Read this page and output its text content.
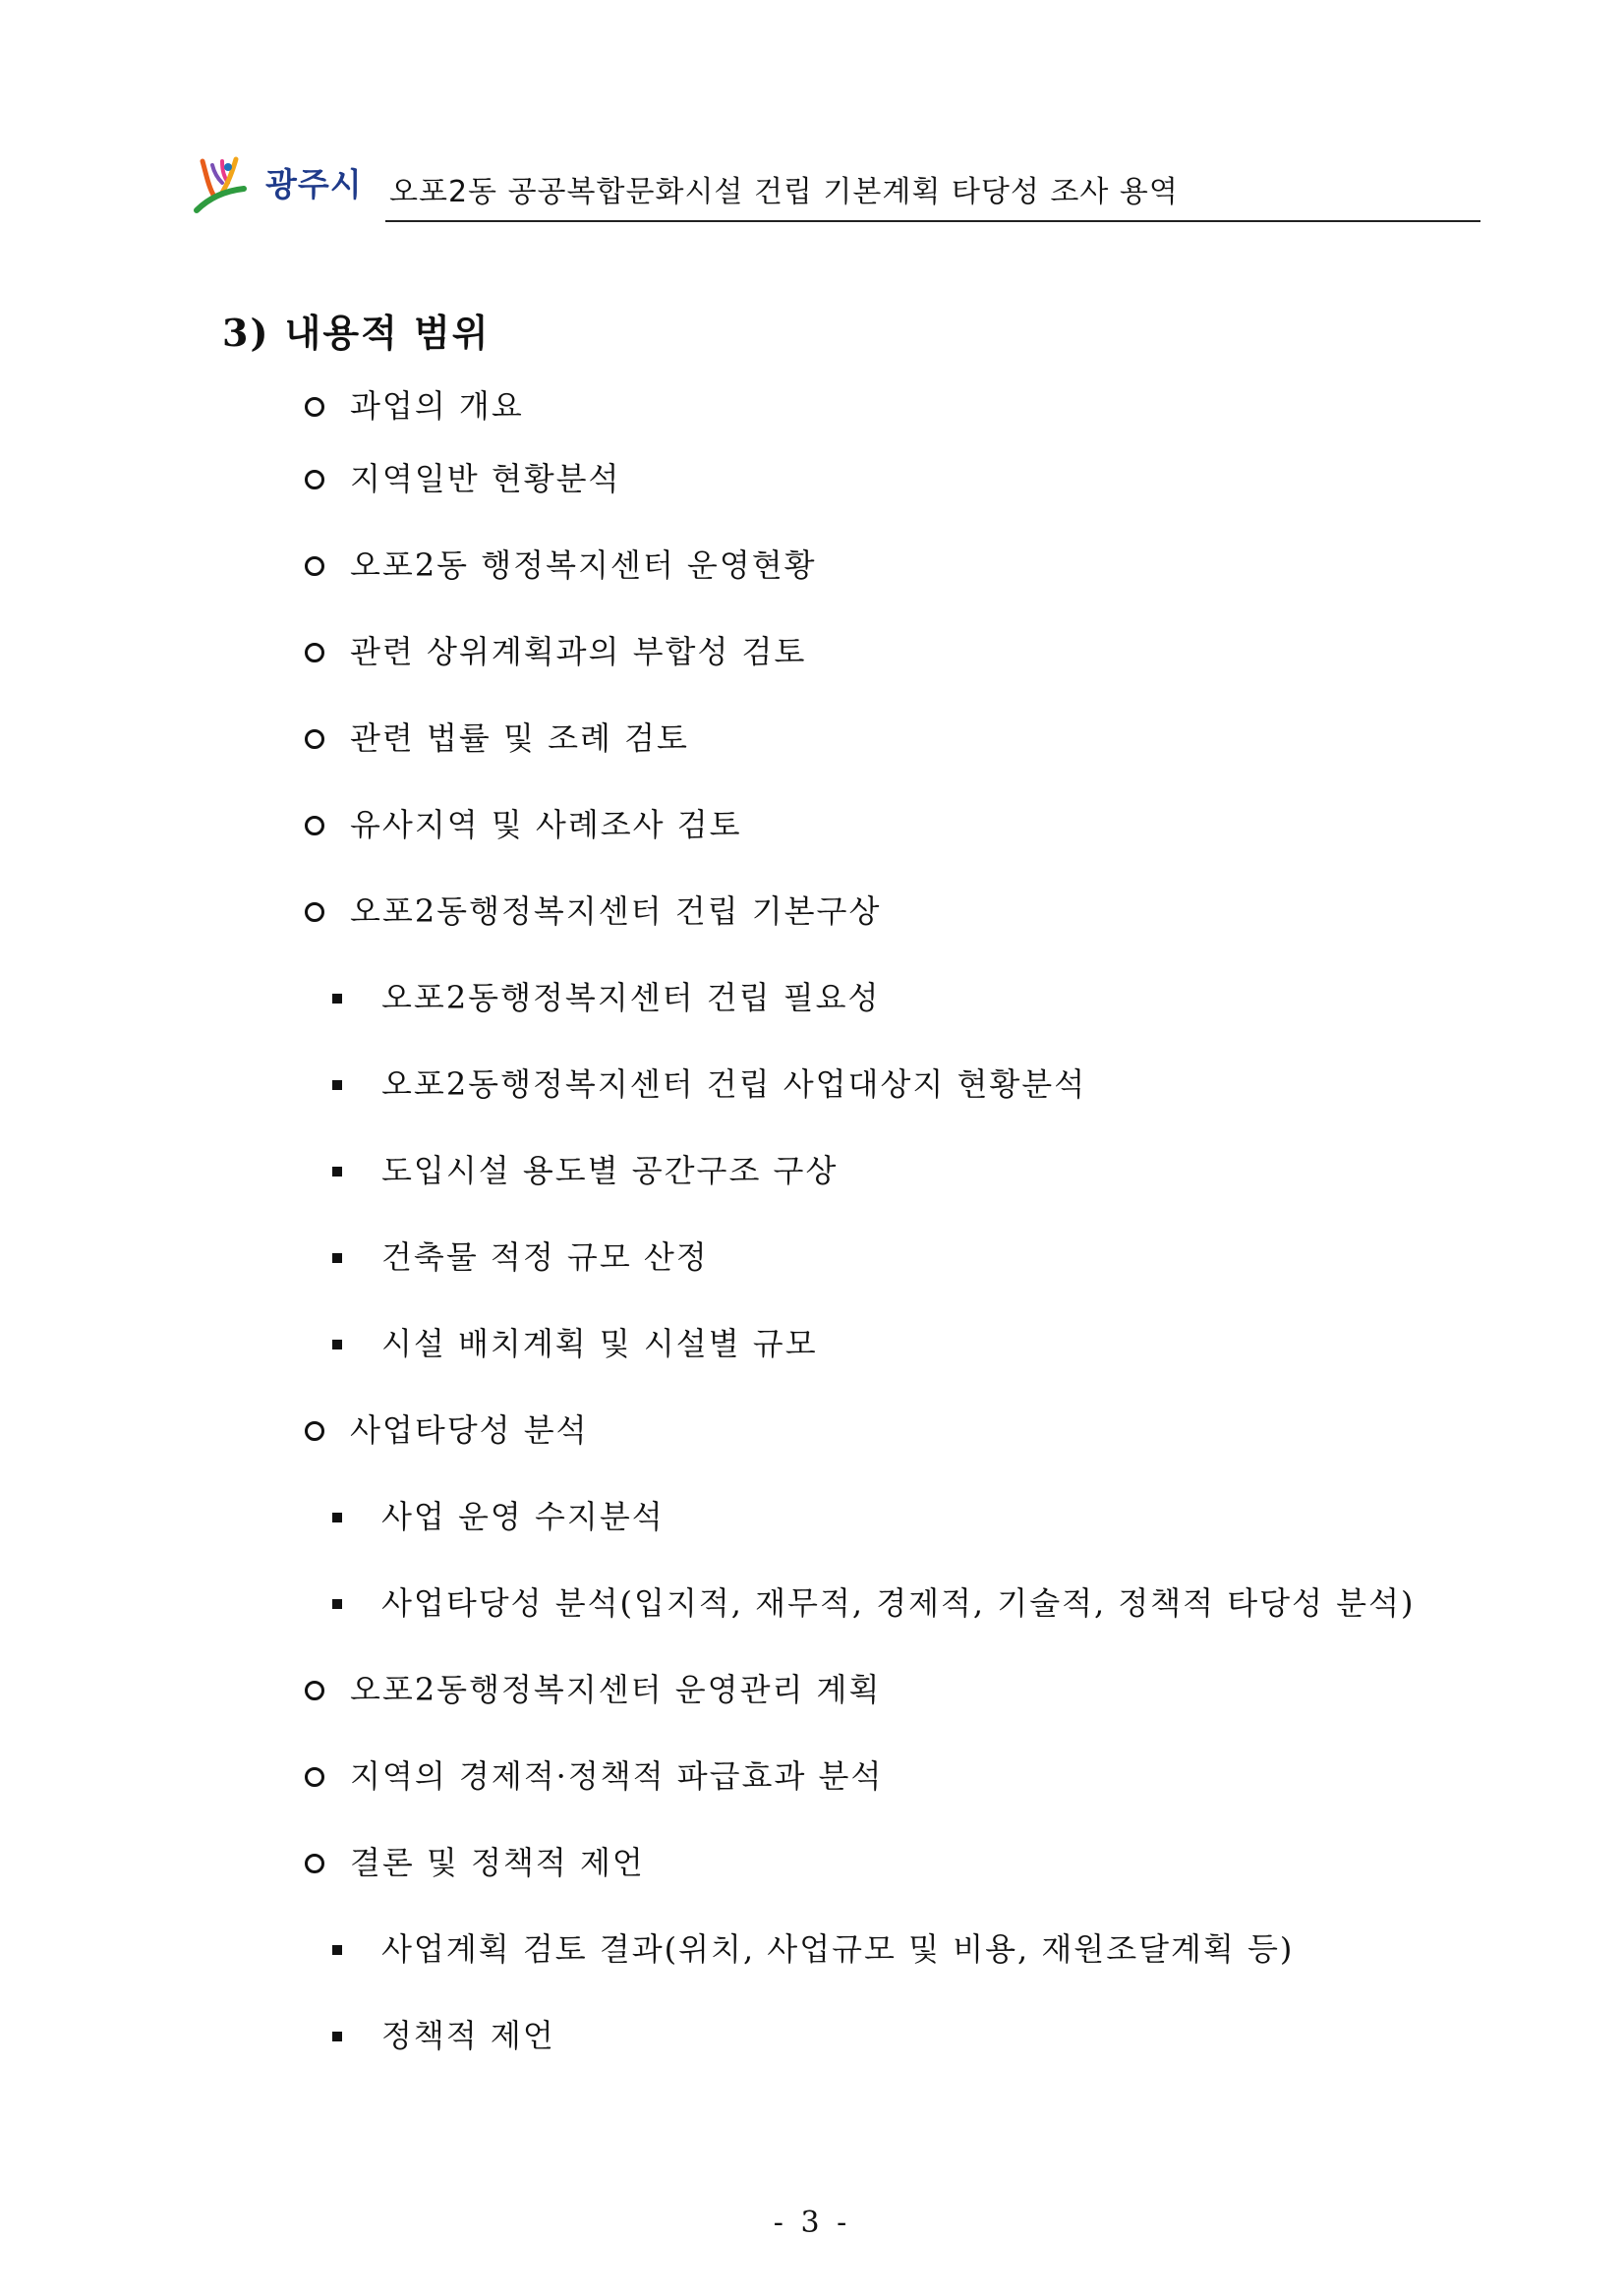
광주시 오포2동 공공복합문화시설 건립 기본계획 타당성 조사 용역
3) 내용적 범위
과업의 개요
지역일반 현황분석
오포2동 행정복지센터 운영현황
관련 상위계획과의 부합성 검토
관련 법률 및 조례 검토
유사지역 및 사례조사 검토
오포2동행정복지센터 건립 기본구상
오포2동행정복지센터 건립 필요성
오포2동행정복지센터 건립 사업대상지 현황분석
도입시설 용도별 공간구조 구상
건축물 적정 규모 산정
시설 배치계획 및 시설별 규모
사업타당성 분석
사업 운영 수지분석
사업타당성 분석(입지적, 재무적, 경제적, 기술적, 정책적 타당성 분석)
오포2동행정복지센터 운영관리 계획
지역의 경제적·정책적 파급효과 분석
결론 및 정책적 제언
사업계획 검토 결과(위치, 사업규모 및 비용, 재원조달계획 등)
정책적 제언
- 3 -
